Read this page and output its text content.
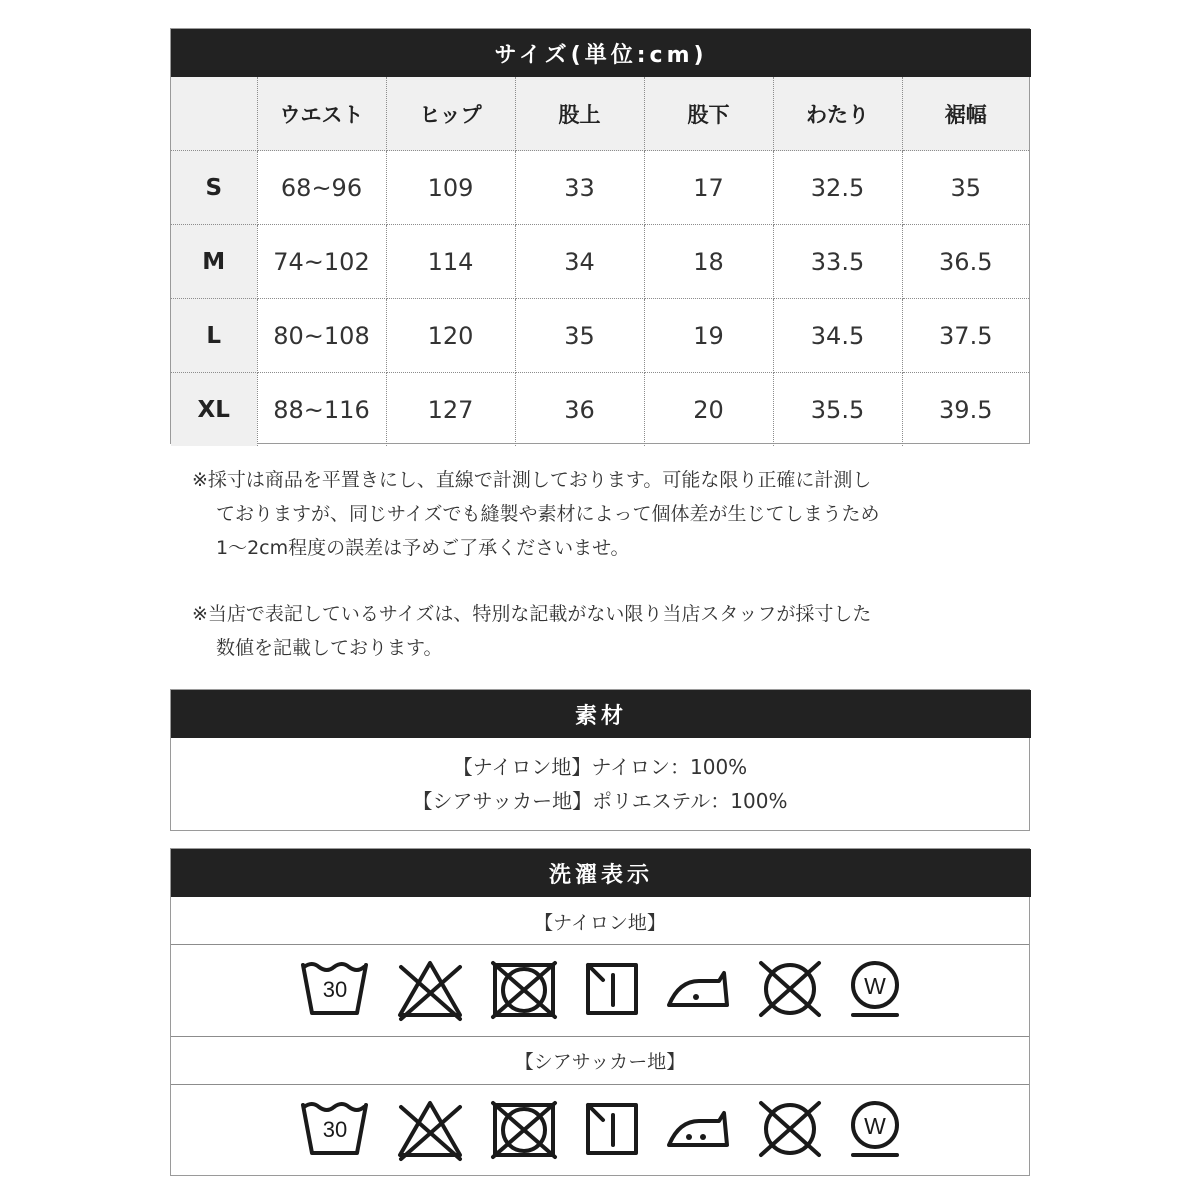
サイズ(単位:cm)
	ウエスト	ヒップ	股上	股下	わたり	裾幅
S	68~96	109	33	17	32.5	35
M	74~102	114	34	18	33.5	36.5
L	80~108	120	35	19	34.5	37.5
XL	88~116	127	36	20	35.5	39.5
※採寸は商品を平置きにし、直線で計測しております。可能な限り正確に計測し
ておりますが、同じサイズでも縫製や素材によって個体差が生じてしまうため
1〜2cm程度の誤差は予めご了承くださいませ。
※当店で表記しているサイズは、特別な記載がない限り当店スタッフが採寸した
数値を記載しております。
素材
【ナイロン地】ナイロン：100%
【シアサッカー地】ポリエステル：100%
洗濯表示
【ナイロン地】
30	W
【シアサッカー地】
30	W
